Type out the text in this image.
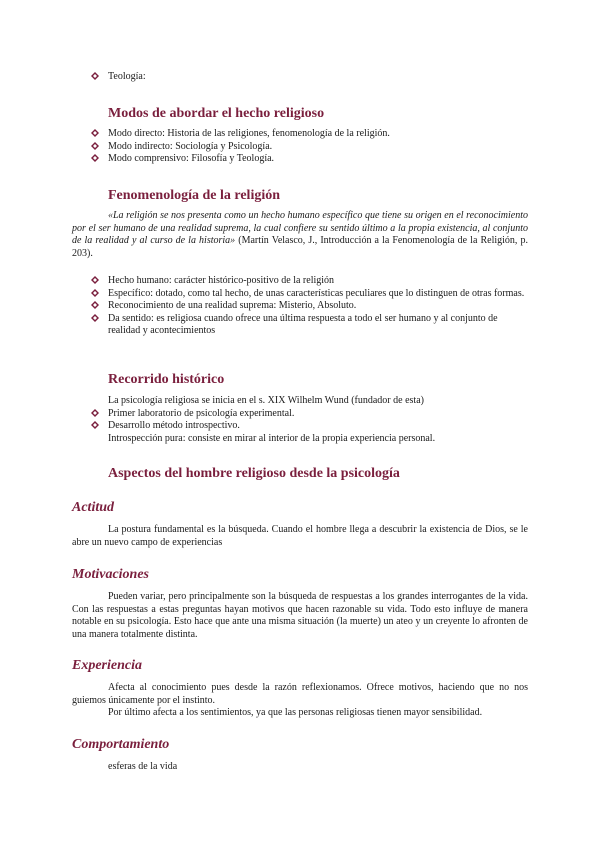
Teología:
Modos de abordar el hecho religioso
Modo directo: Historia de las religiones, fenomenología de la religión.
Modo indirecto: Sociología y Psicología.
Modo comprensivo: Filosofía y Teología.
Fenomenología de la religión

«La religión se nos presenta como un hecho humano específico que tiene su origen en el reconocimiento por el ser humano de una realidad suprema, la cual confiere su sentido último a la propia existencia, al conjunto de la realidad y al curso de la historia» (Martín Velasco, J., Introducción a la Fenomenología de la Religión, p. 203).

Hecho humano: carácter histórico-positivo de la religión
Específico: dotado, como tal hecho, de unas características peculiares que lo distinguen de otras formas.
Reconocimiento de una realidad suprema: Misterio, Absoluto.
Da sentido: es religiosa cuando ofrece una última respuesta a todo el ser humano y al conjunto de realidad y acontecimientos
Recorrido histórico

La psicología religiosa se inicia en el s. XIX Wilhelm Wund (fundador de esta)

Primer laboratorio de psicología experimental.
Desarrollo método introspectivo.

Introspección pura: consiste en mirar al interior de la propia experiencia personal.

Aspectos del hombre religioso desde la psicología
Actitud

La postura fundamental es la búsqueda. Cuando el hombre llega a descubrir la existencia de Dios, se le abre un nuevo campo de experiencias

Motivaciones

Pueden variar, pero principalmente son la búsqueda de respuestas a los grandes interrogantes de la vida. Con las respuestas a estas preguntas hayan motivos que hacen razonable su vida. Todo esto influye de manera notable en su psicología. Esto hace que ante una misma situación (la muerte) un ateo y un creyente lo afronten de una manera totalmente distinta.

Experiencia

Afecta al conocimiento pues desde la razón reflexionamos. Ofrece motivos, haciendo que no nos guiemos únicamente por el instinto.

Por último afecta a los sentimientos, ya que las personas religiosas tienen mayor sensibilidad.

Comportamiento

esferas de la vida
